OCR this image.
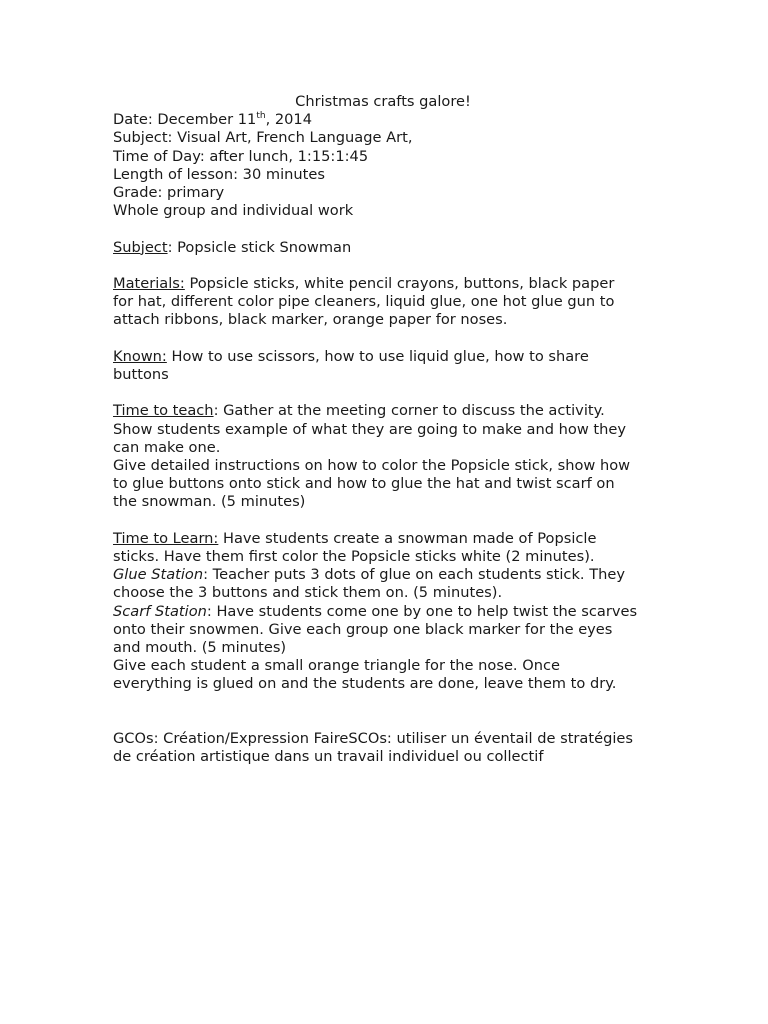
Christmas crafts galore!

Date: December 11th, 2014

Subject: Visual Art, French Language Art,

Time of Day: after lunch, 1:15:1:45

Length of lesson: 30 minutes

Grade: primary

Whole group and individual work

Subject: Popsicle stick Snowman

Materials: Popsicle sticks, white pencil crayons, buttons, black paper

for hat, different color pipe cleaners, liquid glue, one hot glue gun to

attach ribbons, black marker, orange paper for noses.

Known: How to use scissors, how to use liquid glue, how to share

buttons

Time to teach: Gather at the meeting corner to discuss the activity.

Show students example of what they are going to make and how they

can make one.

Give detailed instructions on how to color the Popsicle stick, show how

to glue buttons onto stick and how to glue the hat and twist scarf on

the snowman. (5 minutes)

Time to Learn: Have students create a snowman made of Popsicle

sticks. Have them first color the Popsicle sticks white (2 minutes).

Glue Station: Teacher puts 3 dots of glue on each students stick. They

choose the 3 buttons and stick them on. (5 minutes).

Scarf Station: Have students come one by one to help twist the scarves

onto their snowmen. Give each group one black marker for the eyes

and mouth. (5 minutes)

Give each student a small orange triangle for the nose. Once

everything is glued on and the students are done, leave them to dry.

GCOs: Création/Expression FaireSCOs: utiliser un éventail de stratégies

de création artistique dans un travail individuel ou collectif
